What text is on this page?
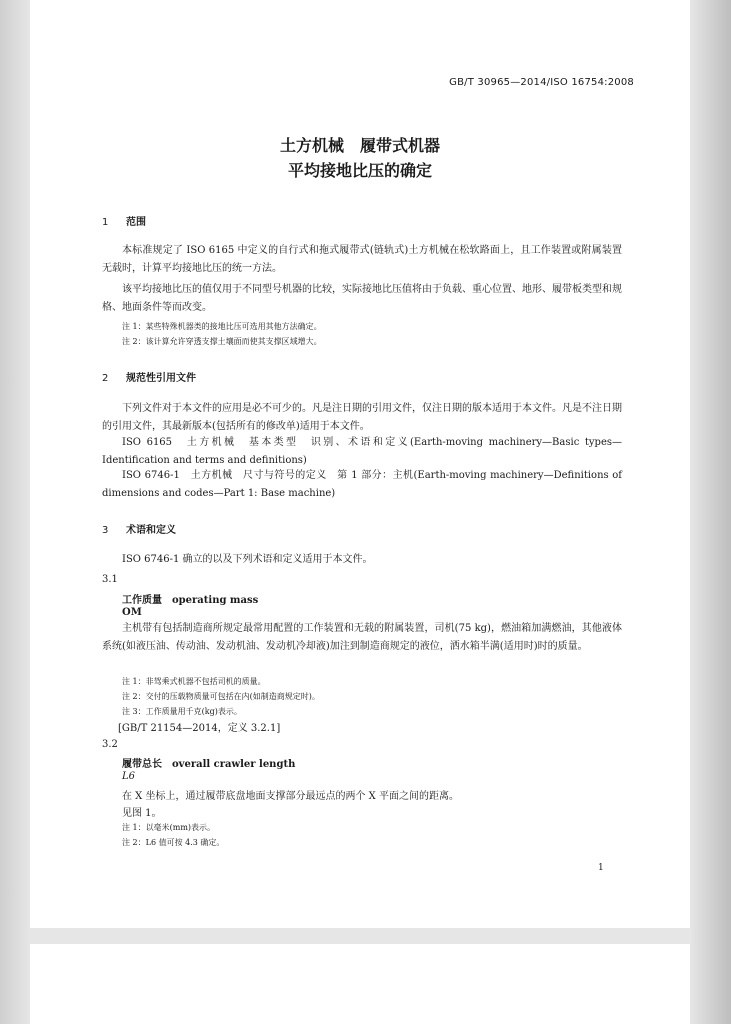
GB/T 30965—2014/ISO 16754:2008
土方机械　履带式机器
平均接地比压的确定
1 范围
本标准规定了 ISO 6165 中定义的自行式和拖式履带式(链轨式)土方机械在松软路面上，且工作装置或附属装置无载时，计算平均接地比压的统一方法。
该平均接地比压的值仅用于不同型号机器的比较，实际接地比压值将由于负载、重心位置、地形、履带板类型和规格、地面条件等而改变。
注 1：某些特殊机器类的接地比压可选用其他方法确定。
注 2：该计算允许穿透支撑土壤面而使其支撑区域增大。
2 规范性引用文件
下列文件对于本文件的应用是必不可少的。凡是注日期的引用文件，仅注日期的版本适用于本文件。凡是不注日期的引用文件，其最新版本(包括所有的修改单)适用于本文件。
ISO 6165　土方机械　基本类型　识别、术语和定义(Earth-moving machinery—Basic types—Identification and terms and definitions)
ISO 6746-1　土方机械　尺寸与符号的定义　第 1 部分：主机(Earth-moving machinery—Definitions of dimensions and codes—Part 1: Base machine)
3 术语和定义
ISO 6746-1 确立的以及下列术语和定义适用于本文件。
3.1
工作质量　operating mass
OM
主机带有包括制造商所规定最常用配置的工作装置和无载的附属装置，司机(75 kg)，燃油箱加满燃油，其他液体系统(如液压油、传动油、发动机油、发动机冷却液)加注到制造商规定的液位，洒水箱半满(适用时)时的质量。
注 1：非驾乘式机器不包括司机的质量。
注 2：交付的压载物质量可包括在内(如制造商规定时)。
注 3：工作质量用千克(kg)表示。
[GB/T 21154—2014，定义 3.2.1]
3.2
履带总长　overall crawler length
L6
在 X 坐标上，通过履带底盘地面支撑部分最远点的两个 X 平面之间的距离。
见图 1。
注 1：以毫米(mm)表示。
注 2：L6 值可按 4.3 确定。
1
